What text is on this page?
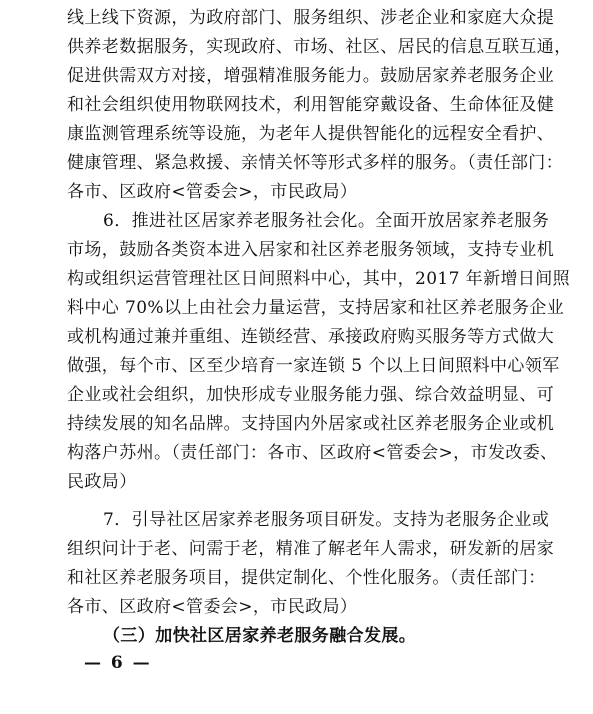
线上线下资源，为政府部门、服务组织、涉老企业和家庭大众提
供养老数据服务，实现政府、市场、社区、居民的信息互联互通，
促进供需双方对接，增强精准服务能力。鼓励居家养老服务企业
和社会组织使用物联网技术，利用智能穿戴设备、生命体征及健
康监测管理系统等设施，为老年人提供智能化的远程安全看护、
健康管理、紧急救援、亲情关怀等形式多样的服务。（责任部门：
各市、区政府<管委会>，市民政局）
6．推进社区居家养老服务社会化。全面开放居家养老服务
市场，鼓励各类资本进入居家和社区养老服务领域，支持专业机
构或组织运营管理社区日间照料中心，其中，2017 年新增日间照
料中心 70%以上由社会力量运营，支持居家和社区养老服务企业
或机构通过兼并重组、连锁经营、承接政府购买服务等方式做大
做强，每个市、区至少培育一家连锁 5 个以上日间照料中心领军
企业或社会组织，加快形成专业服务能力强、综合效益明显、可
持续发展的知名品牌。支持国内外居家或社区养老服务企业或机
构落户苏州。（责任部门：各市、区政府<管委会>，市发改委、
民政局）
7．引导社区居家养老服务项目研发。支持为老服务企业或
组织问计于老、问需于老，精准了解老年人需求，研发新的居家
和社区养老服务项目，提供定制化、个性化服务。（责任部门：
各市、区政府<管委会>，市民政局）
（三）加快社区居家养老服务融合发展。
— 6 —
